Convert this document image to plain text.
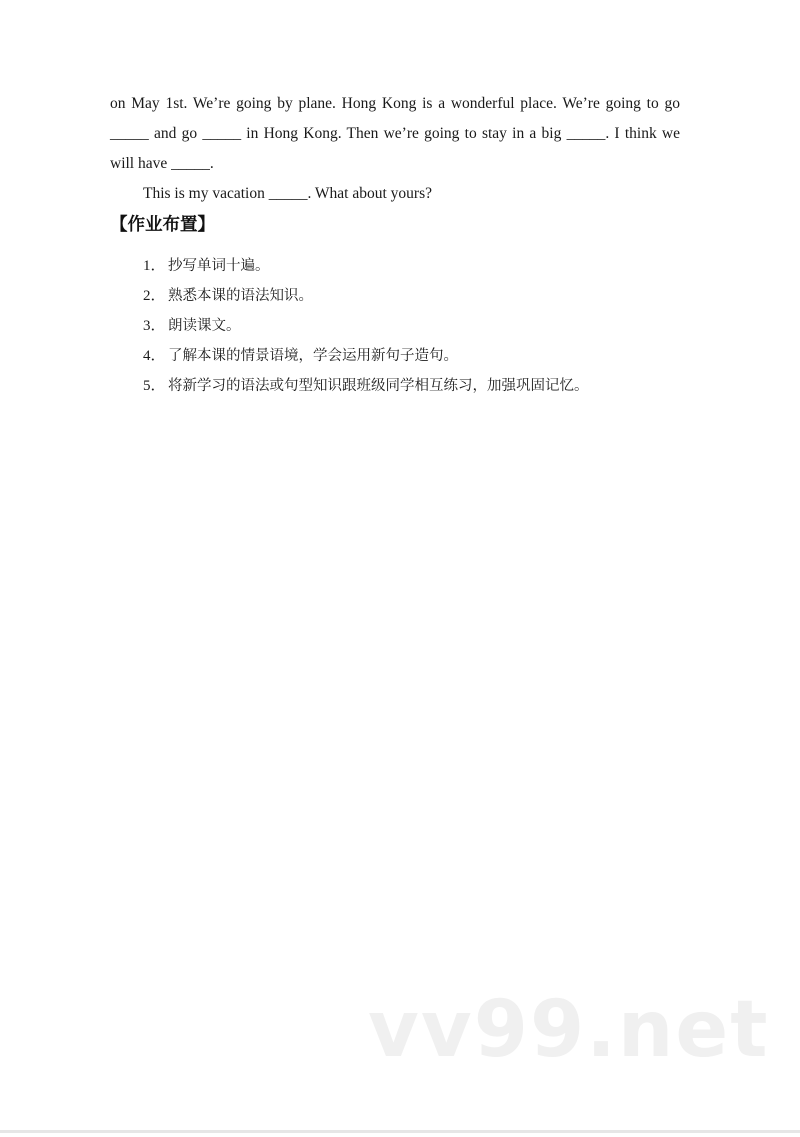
on May 1st. We’re going by plane. Hong Kong is a wonderful place. We’re going to go _____ and go _____ in Hong Kong. Then we’re going to stay in a big _____. I think we will have _____.

This is my vacation _____. What about yours?

【作业布置】
1． 抄写单词十遍。
2． 熟悉本课的语法知识。
3． 朗读课文。
4． 了解本课的情景语境，学会运用新句子造句。
5． 将新学习的语法或句型知识跟班级同学相互练习，加强巩固记忆。
vv99.net
